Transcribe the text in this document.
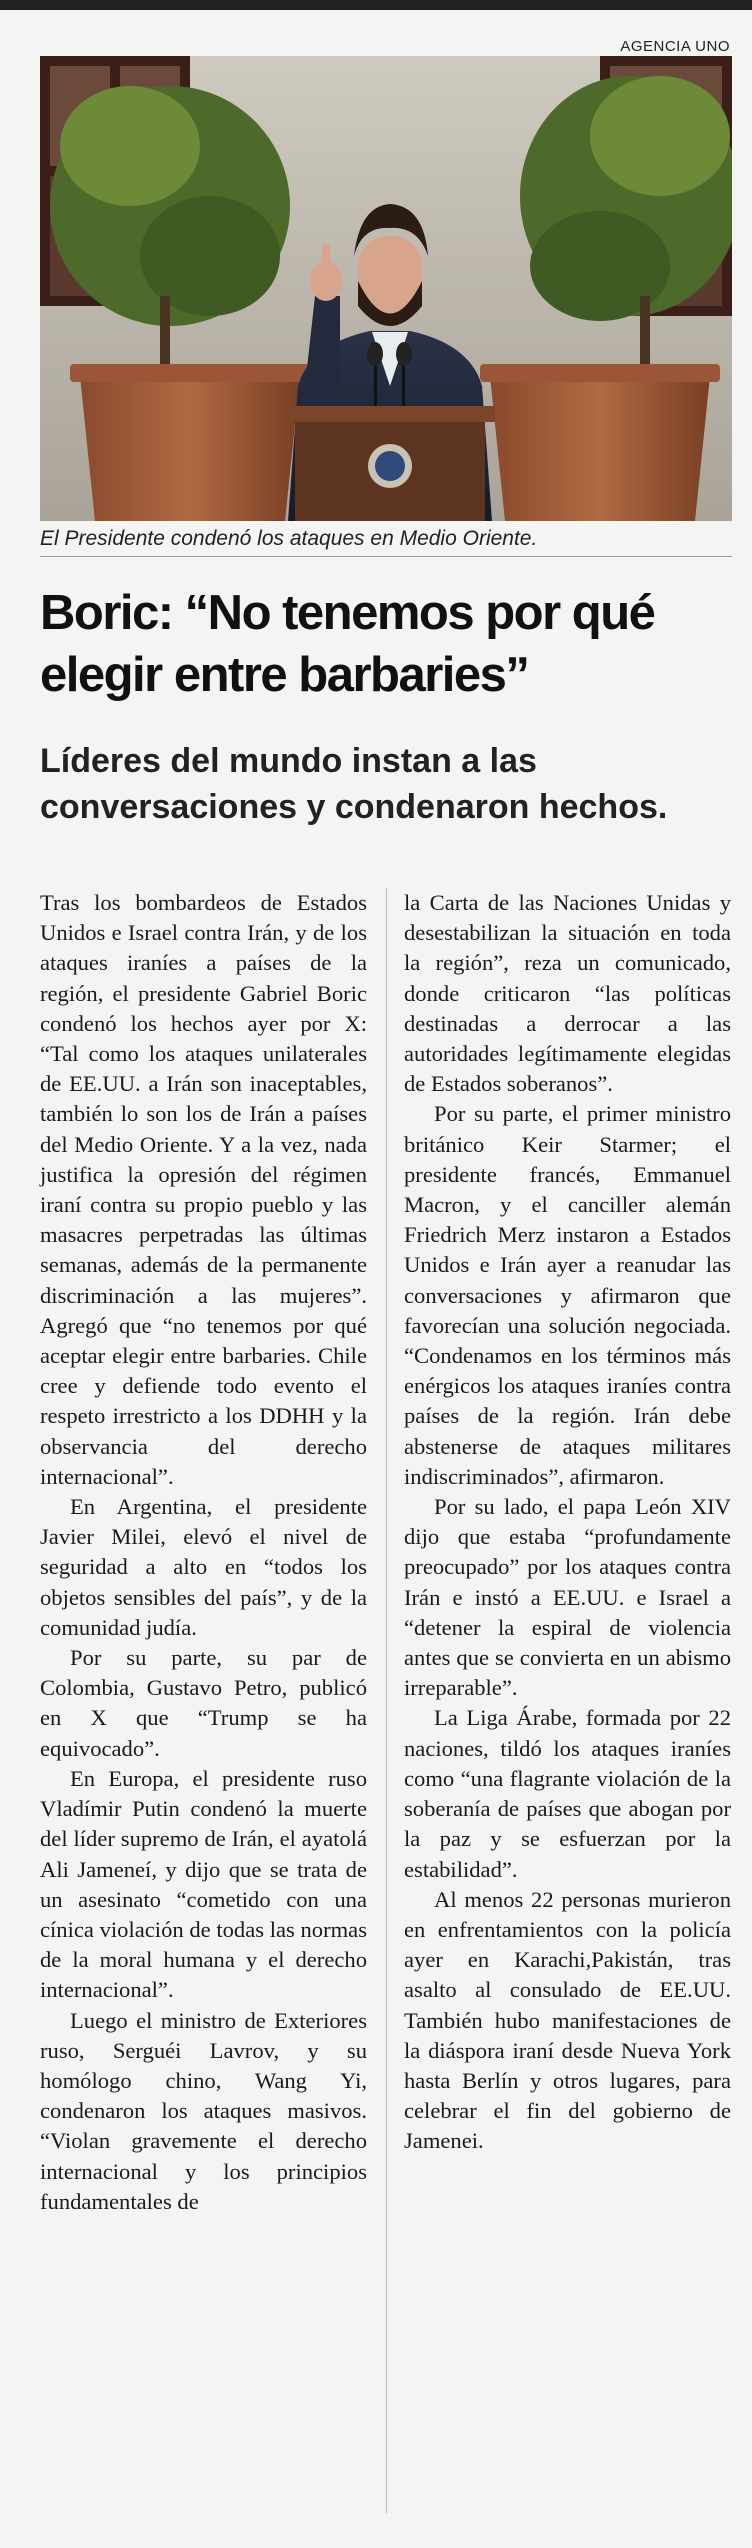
AGENCIA UNO
El Presidente condenó los ataques en Medio Oriente.
Boric: “No tenemos por qué elegir entre barbaries”
Líderes del mundo instan a las conversaciones y condenaron hechos.

Tras los bombardeos de Estados Unidos e Israel contra Irán, y de los ataques iraníes a países de la región, el presidente Gabriel Boric condenó los hechos ayer por X: “Tal como los ataques unilaterales de EE.UU. a Irán son inaceptables, también lo son los de Irán a países del Medio Oriente. Y a la vez, nada justifica la opresión del régimen iraní contra su propio pueblo y las masacres perpetradas las últimas semanas, además de la permanente discriminación a las mujeres”. Agregó que “no tenemos por qué aceptar elegir entre barbaries. Chile cree y defiende todo evento el respeto irrestricto a los DDHH y la observancia del derecho internacional”.

En Argentina, el presidente Javier Milei, elevó el nivel de seguridad a alto en “todos los objetos sensibles del país”, y de la comunidad judía.

Por su parte, su par de Colombia, Gustavo Petro, publicó en X que “Trump se ha equivocado”.

En Europa, el presidente ruso Vladímir Putin condenó la muerte del líder supremo de Irán, el ayatolá Ali Jameneí, y dijo que se trata de un asesinato “cometido con una cínica violación de todas las normas de la moral humana y el derecho internacional”.

Luego el ministro de Exteriores ruso, Serguéi Lavrov, y su homólogo chino, Wang Yi, condenaron los ataques masivos. “Violan gravemente el derecho internacional y los principios fundamentales de

la Carta de las Naciones Unidas y desestabilizan la situación en toda la región”, reza un comunicado, donde criticaron “las políticas destinadas a derrocar a las autoridades legítimamente elegidas de Estados soberanos”.

Por su parte, el primer ministro británico Keir Starmer; el presidente francés, Emmanuel Macron, y el canciller alemán Friedrich Merz instaron a Estados Unidos e Irán ayer a reanudar las conversaciones y afirmaron que favorecían una solución negociada. “Condenamos en los términos más enérgicos los ataques iraníes contra países de la región. Irán debe abstenerse de ataques militares indiscriminados”, afirmaron.

Por su lado, el papa León XIV dijo que estaba “profundamente preocupado” por los ataques contra Irán e instó a EE.UU. e Israel a “detener la espiral de violencia antes que se convierta en un abismo irreparable”.

La Liga Árabe, formada por 22 naciones, tildó los ataques iraníes como “una flagrante violación de la soberanía de países que abogan por la paz y se esfuerzan por la estabilidad”.

Al menos 22 personas murieron en enfrentamientos con la policía ayer en Karachi,Pakistán, tras asalto al consulado de EE.UU. También hubo manifestaciones de la diáspora iraní desde Nueva York hasta Berlín y otros lugares, para celebrar el fin del gobierno de Jamenei.
